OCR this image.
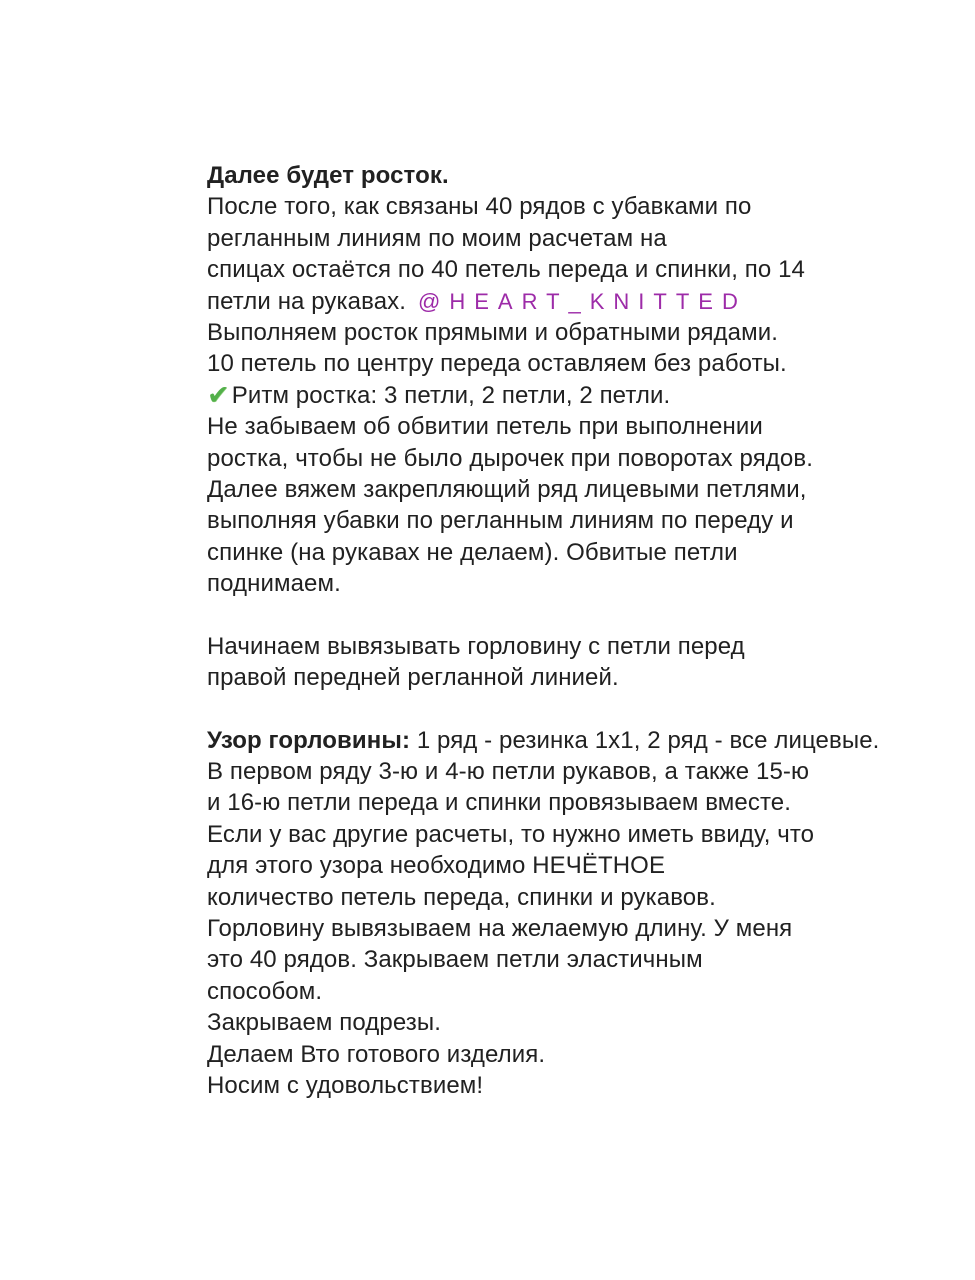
Далее будет росток.

После того, как связаны 40 рядов с убавками по

регланным линиям по моим расчетам на

спицах остаётся по 40 петель переда и спинки, по 14

петли на рукавах. @HEART_KNITTED

Выполняем росток прямыми и обратными рядами.

10 петель по центру переда оставляем без работы.

✔Ритм ростка: 3 петли, 2 петли, 2 петли.

Не забываем об обвитии петель при выполнении

ростка, чтобы не было дырочек при поворотах рядов.

Далее вяжем закрепляющий ряд лицевыми петлями,

выполняя убавки по регланным линиям по переду и

спинке (на рукавах не делаем). Обвитые петли

поднимаем.

Начинаем вывязывать горловину с петли перед

правой передней регланной линией.

Узор горловины: 1 ряд - резинка 1х1, 2 ряд - все лицевые.

В первом ряду 3-ю и 4-ю петли рукавов, а также 15-ю

и 16-ю петли переда и спинки провязываем вместе.

Если у вас другие расчеты, то нужно иметь ввиду, что

для этого узора необходимо НЕЧЁТНОЕ

количество петель переда, спинки и рукавов.

Горловину вывязываем на желаемую длину. У меня

это 40 рядов. Закрываем петли эластичным

способом.

Закрываем подрезы.

Делаем Вто готового изделия.

Носим с удовольствием!
